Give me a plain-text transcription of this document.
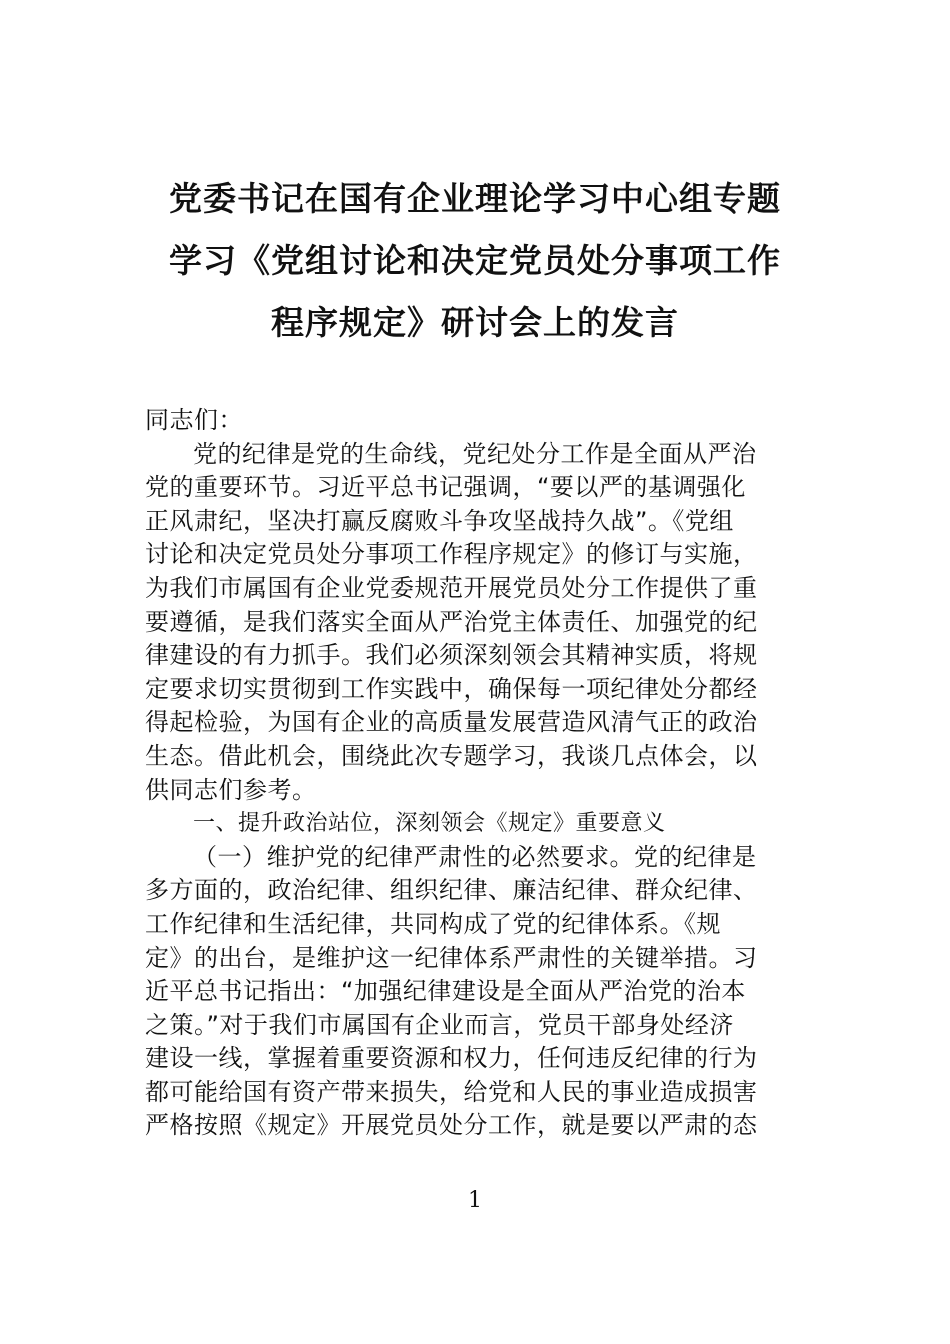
党委书记在国有企业理论学习中心组专题
学习《党组讨论和决定党员处分事项工作
程序规定》研讨会上的发言
同志们：
党的纪律是党的生命线，党纪处分工作是全面从严治
党的重要环节。习近平总书记强调，“要以严的基调强化
正风肃纪，坚决打赢反腐败斗争攻坚战持久战”。《党组
讨论和决定党员处分事项工作程序规定》的修订与实施，
为我们市属国有企业党委规范开展党员处分工作提供了重
要遵循，是我们落实全面从严治党主体责任、加强党的纪
律建设的有力抓手。我们必须深刻领会其精神实质，将规
定要求切实贯彻到工作实践中，确保每一项纪律处分都经
得起检验，为国有企业的高质量发展营造风清气正的政治
生态。借此机会，围绕此次专题学习，我谈几点体会，以
供同志们参考。
一、提升政治站位，深刻领会《规定》重要意义
（一）维护党的纪律严肃性的必然要求。党的纪律是
多方面的，政治纪律、组织纪律、廉洁纪律、群众纪律、
工作纪律和生活纪律，共同构成了党的纪律体系。《规
定》的出台，是维护这一纪律体系严肃性的关键举措。习
近平总书记指出：“加强纪律建设是全面从严治党的治本
之策。”对于我们市属国有企业而言，党员干部身处经济
建设一线，掌握着重要资源和权力，任何违反纪律的行为
都可能给国有资产带来损失，给党和人民的事业造成损害
严格按照《规定》开展党员处分工作，就是要以严肃的态
1
